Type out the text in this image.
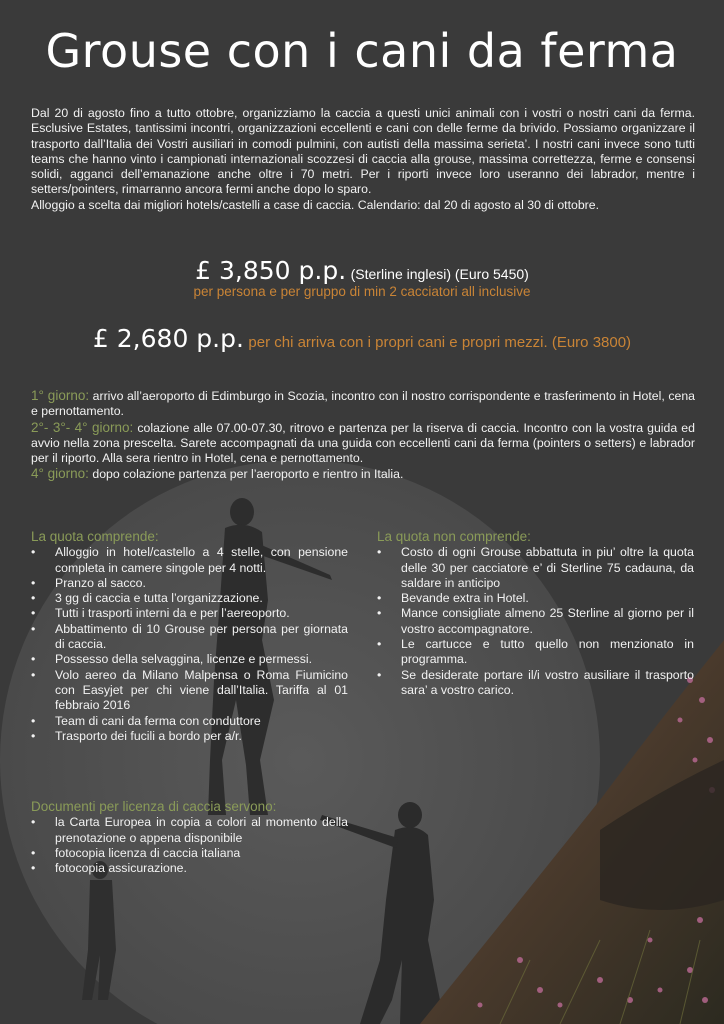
Grouse con i cani da ferma

Dal 20 di agosto fino a tutto ottobre, organizziamo la caccia a questi unici animali con i vostri o nostri cani da ferma. Esclusive Estates, tantissimi incontri, organizzazioni eccellenti e cani con delle ferme da brivido. Possiamo organizzare il trasporto dall’Italia dei Vostri ausiliari in comodi pulmini, con autisti della massima serieta’. I nostri cani invece sono tutti teams che hanno vinto i campionati internazionali scozzesi di caccia alla grouse, massima correttezza, ferme e consensi solidi, agganci dell’emanazione anche oltre i 70 metri. Per i riporti invece loro useranno dei labrador, mentre i setters/pointers, rimarranno ancora fermi anche dopo lo sparo.

Alloggio a scelta dai migliori hotels/castelli a case di caccia. Calendario: dal 20 di agosto al 30 di ottobre.

£ 3,850 p.p. (Sterline inglesi) (Euro 5450)
per persona e per gruppo di min 2 cacciatori all inclusive
£ 2,680 p.p. per chi arriva con i propri cani e propri mezzi. (Euro 3800)

1° giorno: arrivo all’aeroporto di Edimburgo in Scozia, incontro con il nostro corrispondente e trasferimento in Hotel, cena e pernottamento.

2°- 3°- 4° giorno: colazione alle 07.00-07.30, ritrovo e partenza per la riserva di caccia. Incontro con la vostra guida ed avvio nella zona prescelta. Sarete accompagnati da una guida con eccellenti cani da ferma (pointers o setters) e labrador per il riporto. Alla sera rientro in Hotel, cena e pernottamento.

4° giorno: dopo colazione partenza per l’aeroporto e rientro in Italia.

La quota comprende:
• Alloggio in hotel/castello a 4 stelle, con pensione completa in camere singole per 4 notti.
• Pranzo al sacco.
• 3 gg di caccia e tutta l’organizzazione.
• Tutti i trasporti interni da e per l’aereoporto.
• Abbattimento di 10 Grouse per persona per giornata di caccia.
• Possesso della selvaggina, licenze e permessi.
• Volo aereo da Milano Malpensa o Roma Fiumicino con Easyjet per chi viene dall’Italia. Tariffa al 01 febbraio 2016
• Team di cani da ferma con conduttore
• Trasporto dei fucili a bordo per a/r.
La quota non comprende:
• Costo di ogni Grouse abbattuta in piu’ oltre la quota delle 30 per cacciatore e’ di Sterline 75 cadauna, da saldare in anticipo
• Bevande extra in Hotel.
• Mance consigliate almeno 25 Sterline al giorno per il vostro accompagnatore.
• Le cartucce e tutto quello non menzionato in programma.
• Se desiderate portare il/i vostro ausiliare il trasporto sara’ a vostro carico.
Documenti per licenza di caccia servono:
• la Carta Europea in copia a colori al momento della prenotazione o appena disponibile
• fotocopia licenza di caccia italiana
• fotocopia assicurazione.
